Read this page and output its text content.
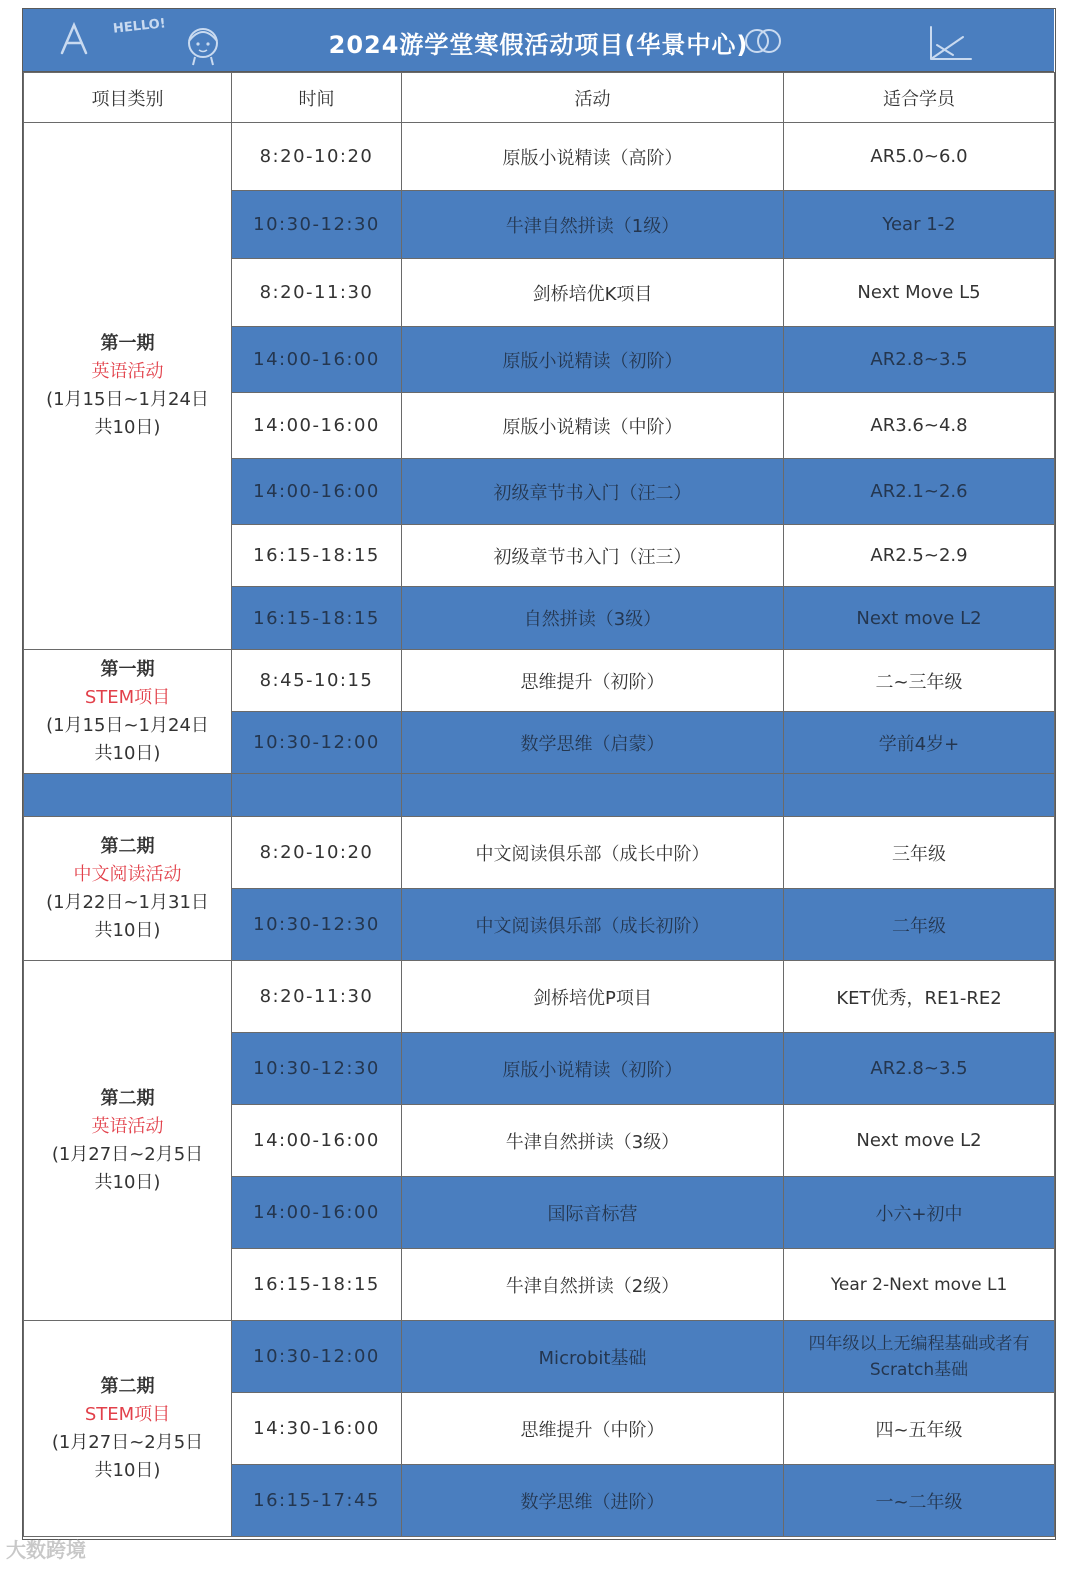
HELLO!
2024游学堂寒假活动项目(华景中心)
项目类别	时间	活动	适合学员

第一期
英语活动
(1月15日~1月24日
共10日)	8:20-10:20	原版小说精读（高阶）	AR5.0~6.0
	10:30-12:30	牛津自然拼读（1级）	Year 1-2
	8:20-11:30	剑桥培优K项目	Next Move L5
	14:00-16:00	原版小说精读（初阶）	AR2.8~3.5
	14:00-16:00	原版小说精读（中阶）	AR3.6~4.8
	14:00-16:00	初级章节书入门（汪二）	AR2.1~2.6
	16:15-18:15	初级章节书入门（汪三）	AR2.5~2.9
	16:15-18:15	自然拼读（3级）	Next move L2

第一期
STEM项目
(1月15日~1月24日
共10日)	8:45-10:15	思维提升（初阶）	二~三年级
	10:30-12:00	数学思维（启蒙）	学前4岁+

第二期
中文阅读活动
(1月22日~1月31日
共10日)	8:20-10:20	中文阅读俱乐部（成长中阶）	三年级
	10:30-12:30	中文阅读俱乐部（成长初阶）	二年级

第二期
英语活动
(1月27日~2月5日
共10日)	8:20-11:30	剑桥培优P项目	KET优秀，RE1-RE2
	10:30-12:30	原版小说精读（初阶）	AR2.8~3.5
	14:00-16:00	牛津自然拼读（3级）	Next move L2
	14:00-16:00	国际音标营	小六+初中
	16:15-18:15	牛津自然拼读（2级）	Year 2-Next move L1

第二期
STEM项目
(1月27日~2月5日
共10日)	10:30-12:00	Microbit基础	四年级以上无编程基础或者有Scratch基础
	14:30-16:00	思维提升（中阶）	四~五年级
	16:15-17:45	数学思维（进阶）	一~二年级
大数跨境
